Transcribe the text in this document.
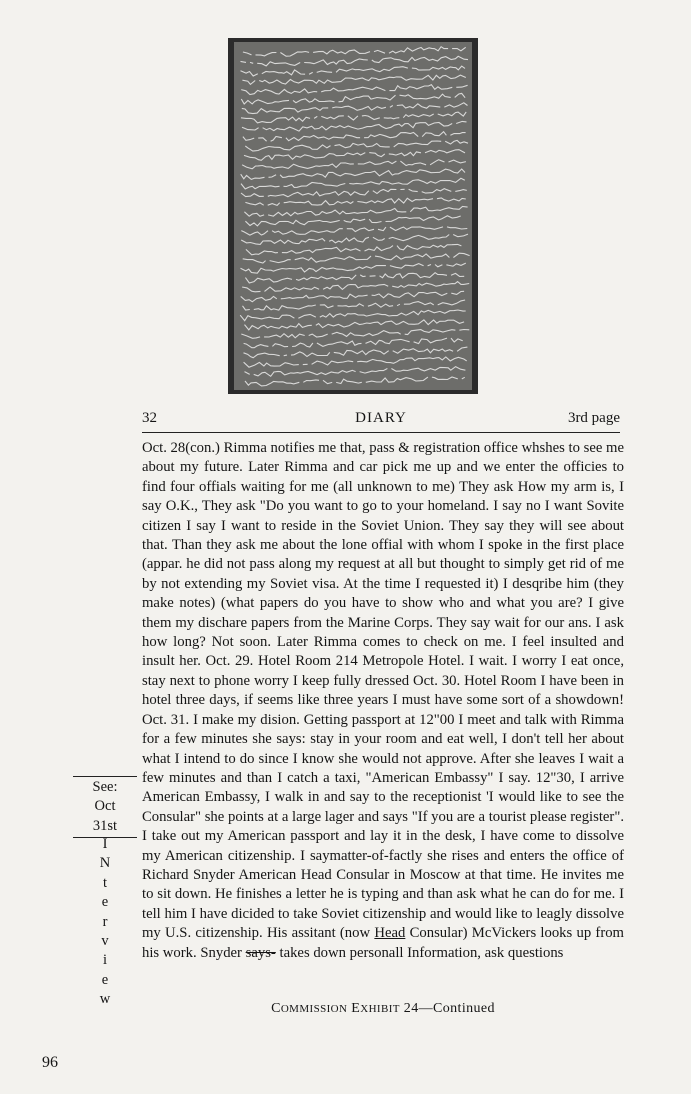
32	DIARY	3rd page

Oct. 28(con.) Rimma notifies me that, pass & registration office whshes to see me about my future. Later Rimma and car pick me up and we enter the officies to find four offials waiting for me (all unknown to me) They ask How my arm is, I say O.K., They ask "Do you want to go to your homeland. I say no I want Sovite citizen I say I want to reside in the Soviet Union. They say they will see about that. Than they ask me about the lone offial with whom I spoke in the first place (appar. he did not pass along my request at all but thought to simply get rid of me by not extending my Soviet visa. At the time I requested it) I desqribe him (they make notes) (what papers do you have to show who and what you are? I give them my dischare papers from the Marine Corps. They say wait for our ans. I ask how long? Not soon. Later Rimma comes to check on me. I feel insulted and insult her. Oct. 29. Hotel Room 214 Metropole Hotel. I wait. I worry I eat once, stay next to phone worry I keep fully dressed Oct. 30. Hotel Room I have been in hotel three days, if seems like three years I must have some sort of a showdown! Oct. 31. I make my dision. Getting passport at 12"00 I meet and talk with Rimma for a few minutes she says: stay in your room and eat well, I don't tell her about what I intend to do since I know she would not approve. After she leaves I wait a few minutes and than I catch a taxi, "American Embassy" I say. 12"30, I arrive American Embassy, I walk in and say to the receptionist 'I would like to see the Consular" she points at a large lager and says "If you are a tourist please register". I take out my American passport and lay it in the desk, I have come to dissolve my American citizenship. I saymatter-of-factly she rises and enters the office of Richard Snyder American Head Consular in Moscow at that time. He invites me to sit down. He finishes a letter he is typing and than ask what he can do for me. I tell him I have dicided to take Soviet citizenship and would like to leagly dissolve my U.S. citizenship. His assitant (now Head Consular) McVickers looks up from his work. Snyder says- takes down personall Information, ask questions

See:
Oct
31st
I
N
t
e
r
v
i
e
w
COMMISSION EXHIBIT 24—Continued
96
